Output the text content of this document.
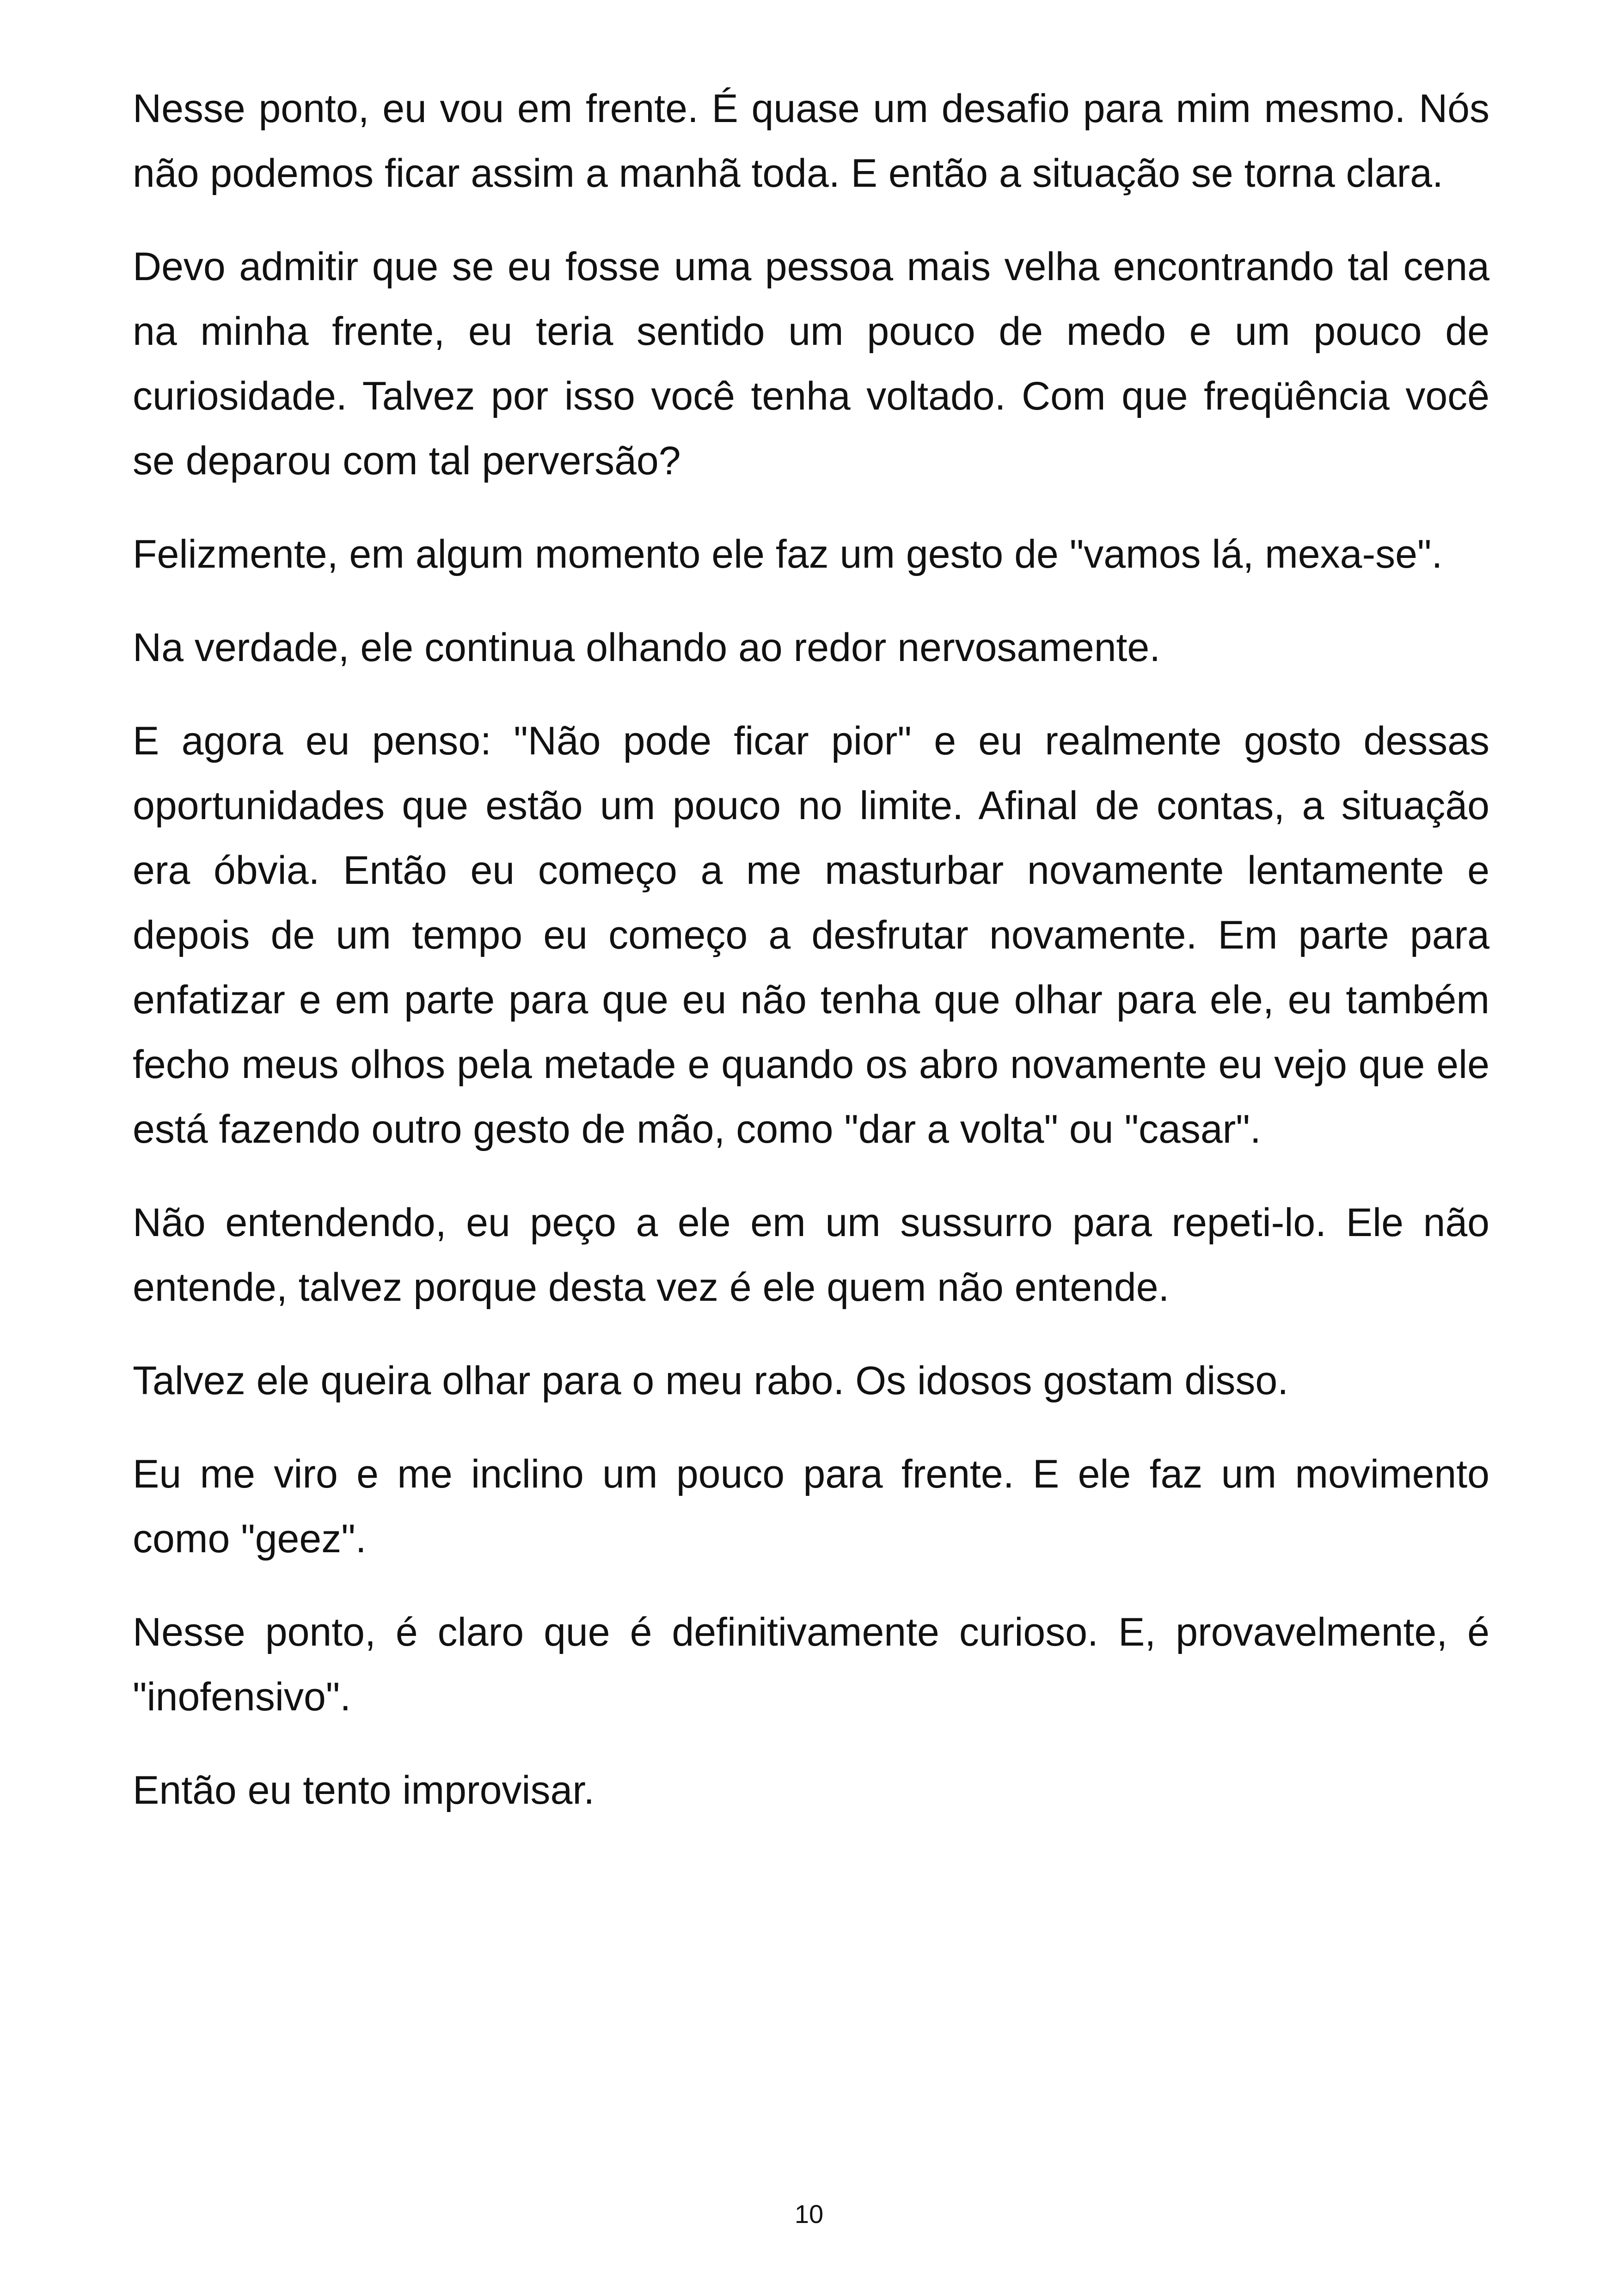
Nesse ponto, eu vou em frente. É quase um desafio para mim mesmo. Nós não podemos ficar assim a manhã toda. E então a situação se torna clara.

Devo admitir que se eu fosse uma pessoa mais velha encontrando tal cena na minha frente, eu teria sentido um pouco de medo e um pouco de curiosidade. Talvez por isso você tenha voltado. Com que freqüência você se deparou com tal perversão?

Felizmente, em algum momento ele faz um gesto de "vamos lá, mexa-se".

Na verdade, ele continua olhando ao redor nervosamente.

E agora eu penso: "Não pode ficar pior" e eu realmente gosto dessas oportunidades que estão um pouco no limite. Afinal de contas, a situação era óbvia. Então eu começo a me masturbar novamente lentamente e depois de um tempo eu começo a desfrutar novamente. Em parte para enfatizar e em parte para que eu não tenha que olhar para ele, eu também fecho meus olhos pela metade e quando os abro novamente eu vejo que ele está fazendo outro gesto de mão, como "dar a volta" ou "casar".

Não entendendo, eu peço a ele em um sussurro para repeti-lo. Ele não entende, talvez porque desta vez é ele quem não entende.

Talvez ele queira olhar para o meu rabo. Os idosos gostam disso.

Eu me viro e me inclino um pouco para frente. E ele faz um movimento como "geez".

Nesse ponto, é claro que é definitivamente curioso. E, provavelmente, é "inofensivo".

Então eu tento improvisar.

10
